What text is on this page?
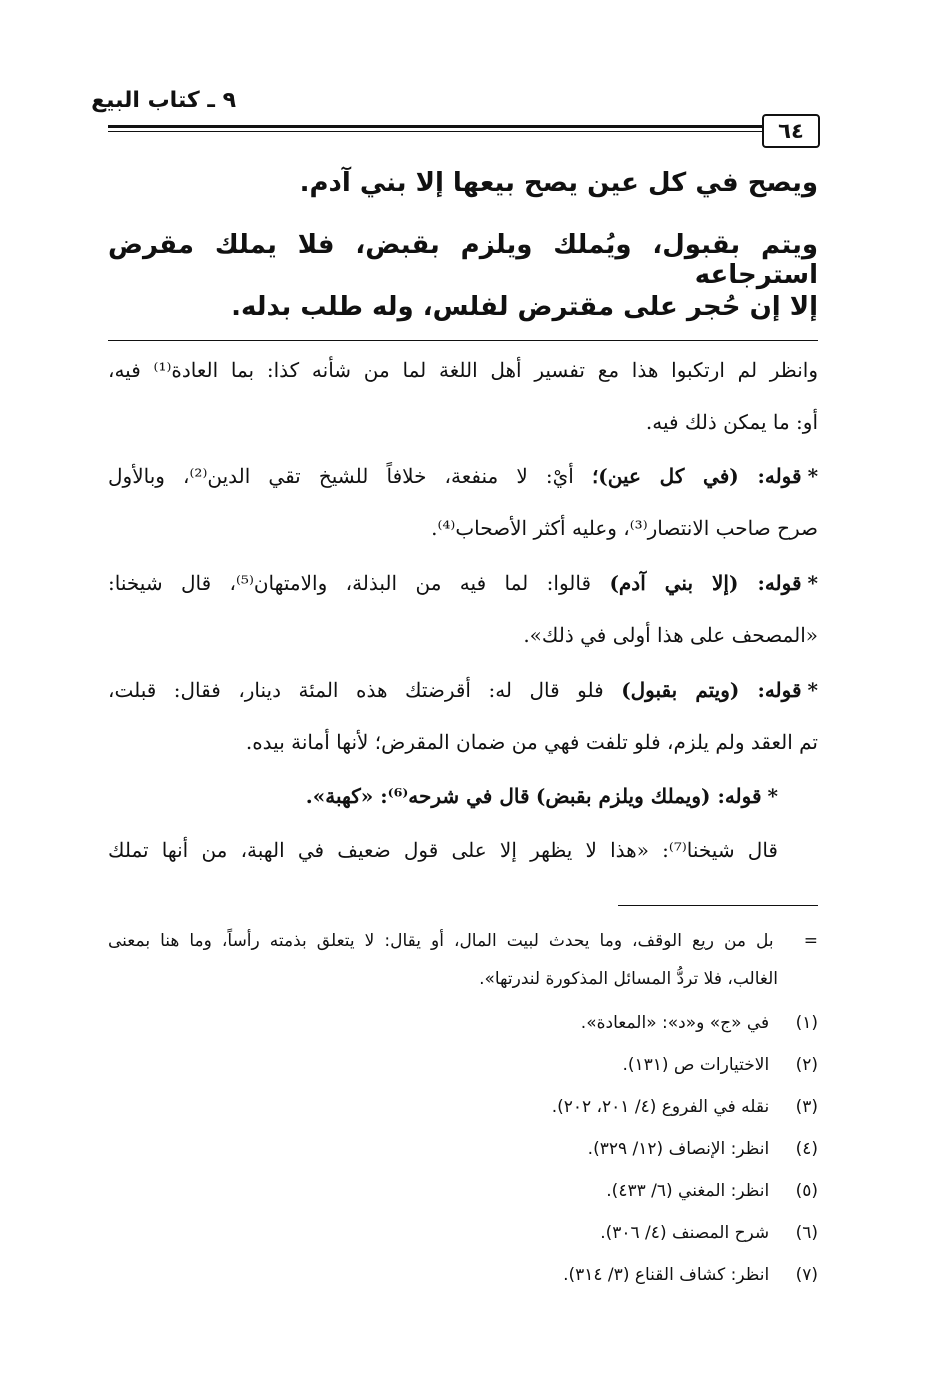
٩ ـ كتاب البيع
٦٤
ويصح في كل عين يصح بيعها إلا بني آدم.
ويتم بقبول، ويُملك ويلزم بقبض، فلا يملك مقرض استرجاعه
إلا إن حُجر على مقترض لفلس، وله طلب بدله.
وانظر لم ارتكبوا هذا مع تفسير أهل اللغة لما من شأنه كذا: بما العادة⁽¹⁾ فيه،
أو: ما يمكن ذلك فيه.
*قوله: (في كل عين)؛ أيْ: لا منفعة، خلافاً للشيخ تقي الدين⁽²⁾، وبالأول
صرح صاحب الانتصار⁽³⁾، وعليه أكثر الأصحاب⁽⁴⁾.
*قوله: (إلا بني آدم) قالوا: لما فيه من البذلة، والامتهان⁽⁵⁾، قال شيخنا:
«المصحف على هذا أولى في ذلك».
*قوله: (ويتم بقبول) فلو قال له: أقرضتك هذه المئة دينار، فقال: قبلت،
تم العقد ولم يلزم، فلو تلفت فهي من ضمان المقرض؛ لأنها أمانة بيده.
*قوله: (ويملك ويلزم بقبض) قال في شرحه⁽⁶⁾: «كهبة».
قال شيخنا⁽⁷⁾: «هذا لا يظهر إلا على قول ضعيف في الهبة، من أنها تملك
=   بل من ريع الوقف، وما يحدث لبيت المال، أو يقال: لا يتعلق بذمته رأساً، وما هنا بمعنى
الغالب، فلا تردُّ المسائل المذكورة لندرتها».
(١)  في «ج» و«د»: «المعادة».
(٢)  الاختيارات ص (١٣١).
(٣)  نقله في الفروع (٤/ ٢٠١، ٢٠٢).
(٤)  انظر: الإنصاف (١٢/ ٣٢٩).
(٥)  انظر: المغني (٦/ ٤٣٣).
(٦)  شرح المصنف (٤/ ٣٠٦).
(٧)  انظر: كشاف القناع (٣/ ٣١٤).
